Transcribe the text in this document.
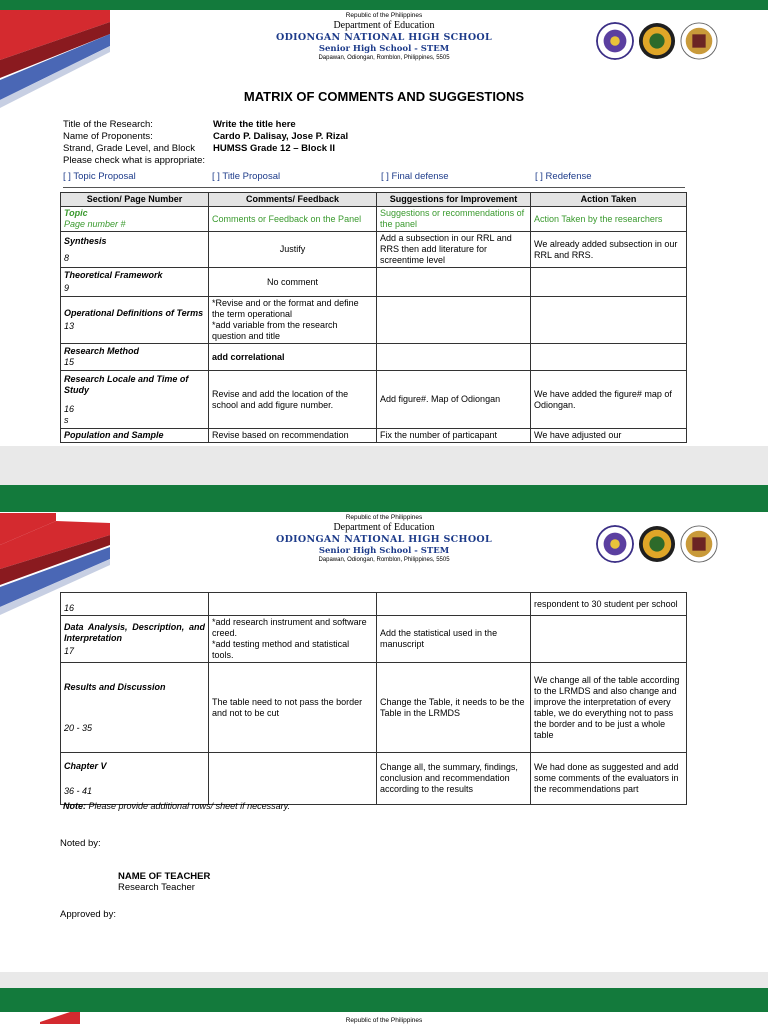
Republic of the Philippines
Department of Education
ODIONGAN NATIONAL HIGH SCHOOL
Senior High School - STEM
Dapawan, Odiongan, Romblon, Philippines, 5505
MATRIX OF COMMENTS AND SUGGESTIONS
Title of the Research:	Write the title here
Name of Proponents:	Cardo P. Dalisay, Jose P. Rizal
Strand, Grade Level, and Block	HUMSS Grade 12 – Block II
Please check what is appropriate:
[ ] Topic Proposal	[ ] Title Proposal	[ ] Final defense	[ ] Redefense
Section/ Page Number	Comments/ Feedback	Suggestions for Improvement	Action Taken

Topic
Page number #	Comments or Feedback on the Panel	Suggestions or recommendations of the panel	Action Taken by the researchers

Synthesis
8	Justify	Add a subsection in our RRL and RRS then add literature for screentime level	We already added subsection in our RRL and RRS.

Theoretical Framework
9	No comment		

Operational Definitions of Terms
13	*Revise and or the format and define the term operational
*add variable from the research question and title		

Research Method
15	add correlational		

Research Locale and Time of Study
16
s	Revise and add the location of the school and add figure number.	Add figure#. Map of Odiongan	We have added the figure# map of Odiongan.

Population and Sample	Revise based on recommendation	Fix the number of particapant	We have adjusted our
Republic of the Philippines
Department of Education
ODIONGAN NATIONAL HIGH SCHOOL
Senior High School - STEM
Dapawan, Odiongan, Romblon, Philippines, 5505
16			respondent to 30 student per school

Data Analysis, Description, and Interpretation
17	*add research instrument and software creed.
*add testing method and statistical tools.	Add the statistical used in the manuscript	

Results and Discussion
20 - 35	The table need to not pass the border and not to be cut	Change the Table, it needs to be the Table in the LRMDS	We change all of the table according to the LRMDS and also change and improve the interpretation of every table, we do everything not to pass the border and to be just a whole table

Chapter V
36 - 41		Change all, the summary, findings, conclusion and recommendation according to the results	We had done as suggested and add some comments of the evaluators in the recommendations part
Note: Please provide additional rows/ sheet if necessary.
Noted by:
NAME OF TEACHER
Research Teacher
Approved by:
Republic of the Philippines
